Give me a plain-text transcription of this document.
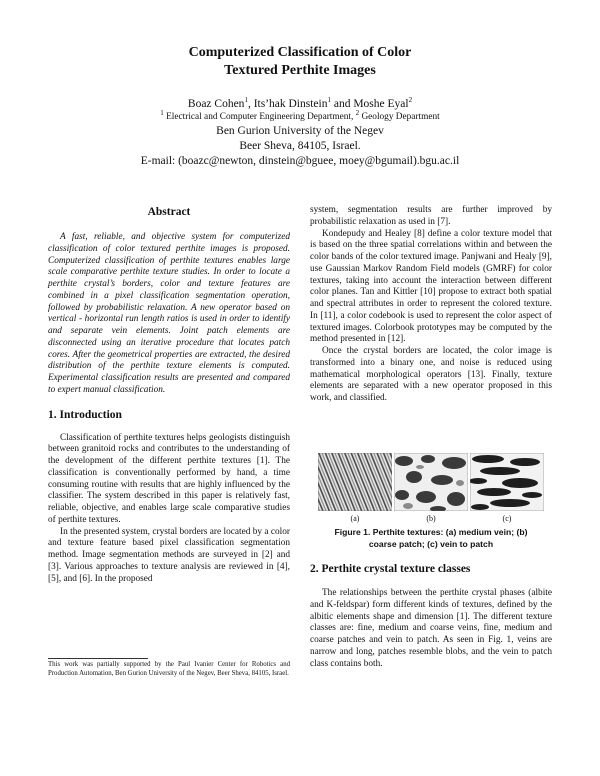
Computerized Classification of Color
Textured Perthite Images
Boaz Cohen$^1$, Its’hak Dinstein$^1$ and Moshe Eyal$^2$
$^1$ Electrical and Computer Engineering Department, $^2$ Geology Department
Ben Gurion University of the Negev
Beer Sheva, 84105, Israel.
E-mail: (boazc@newton, dinstein@bguee, moey@bgumail).bgu.ac.il
Abstract

A fast, reliable, and objective system for computerized classification of color textured perthite images is proposed. Computerized classification of perthite textures enables large scale comparative perthite texture studies. In order to locate a perthite crystal’s borders, color and texture features are combined in a pixel classification segmentation operation, followed by probabilistic relaxation. A new operator based on vertical - horizontal run length ratios is used in order to identify and separate vein elements. Joint patch elements are disconnected using an iterative procedure that locates patch cores. After the geometrical properties are extracted, the desired distribution of the perthite texture elements is computed. Experimental classification results are presented and compared to expert manual classification.

1. Introduction

Classification of perthite textures helps geologists distinguish between granitoid rocks and contributes to the understanding of the development of the different perthite textures [1]. The classification is conventionally performed by hand, a time consuming routine with results that are highly influenced by the classifier. The system described in this paper is relatively fast, reliable, objective, and enables large scale comparative studies of perthite textures.

In the presented system, crystal borders are located by a color and texture feature based pixel classification segmentation method. Image segmentation methods are surveyed in [2] and [3]. Various approaches to texture analysis are reviewed in [4], [5], and [6]. In the proposed

This work was partially supported by the Paul Ivanier Center for Robotics and Production Automation, Ben Gurion University of the Negev, Beer Sheva, 84105, Israel.

system, segmentation results are further improved by probabilistic relaxation as used in [7].

Kondepudy and Healey [8] define a color texture model that is based on the three spatial correlations within and between the color bands of the color textured image. Panjwani and Healy [9], use Gaussian Markov Random Field models (GMRF) for color textures, taking into account the interaction between different color planes. Tan and Kittler [10] propose to extract both spatial and spectral attributes in order to represent the colored texture. In [11], a color codebook is used to represent the color aspect of textured images. Colorbook prototypes may be computed by the method presented in [12].

Once the crystal borders are located, the color image is transformed into a binary one, and noise is reduced using mathematical morphological operators [13]. Finally, texture elements are separated with a new operator proposed in this work, and classified.

(a)	(b)	(c)
Figure 1. Perthite textures: (a) medium vein; (b)
coarse patch; (c) vein to patch
2. Perthite crystal texture classes

The relationships between the perthite crystal phases (albite and K-feldspar) form different kinds of textures, defined by the albitic elements shape and dimension [1]. The different texture classes are: fine, medium and coarse veins, fine, medium and coarse patches and vein to patch. As seen in Fig. 1, veins are narrow and long, patches resemble blobs, and the vein to patch class contains both.
